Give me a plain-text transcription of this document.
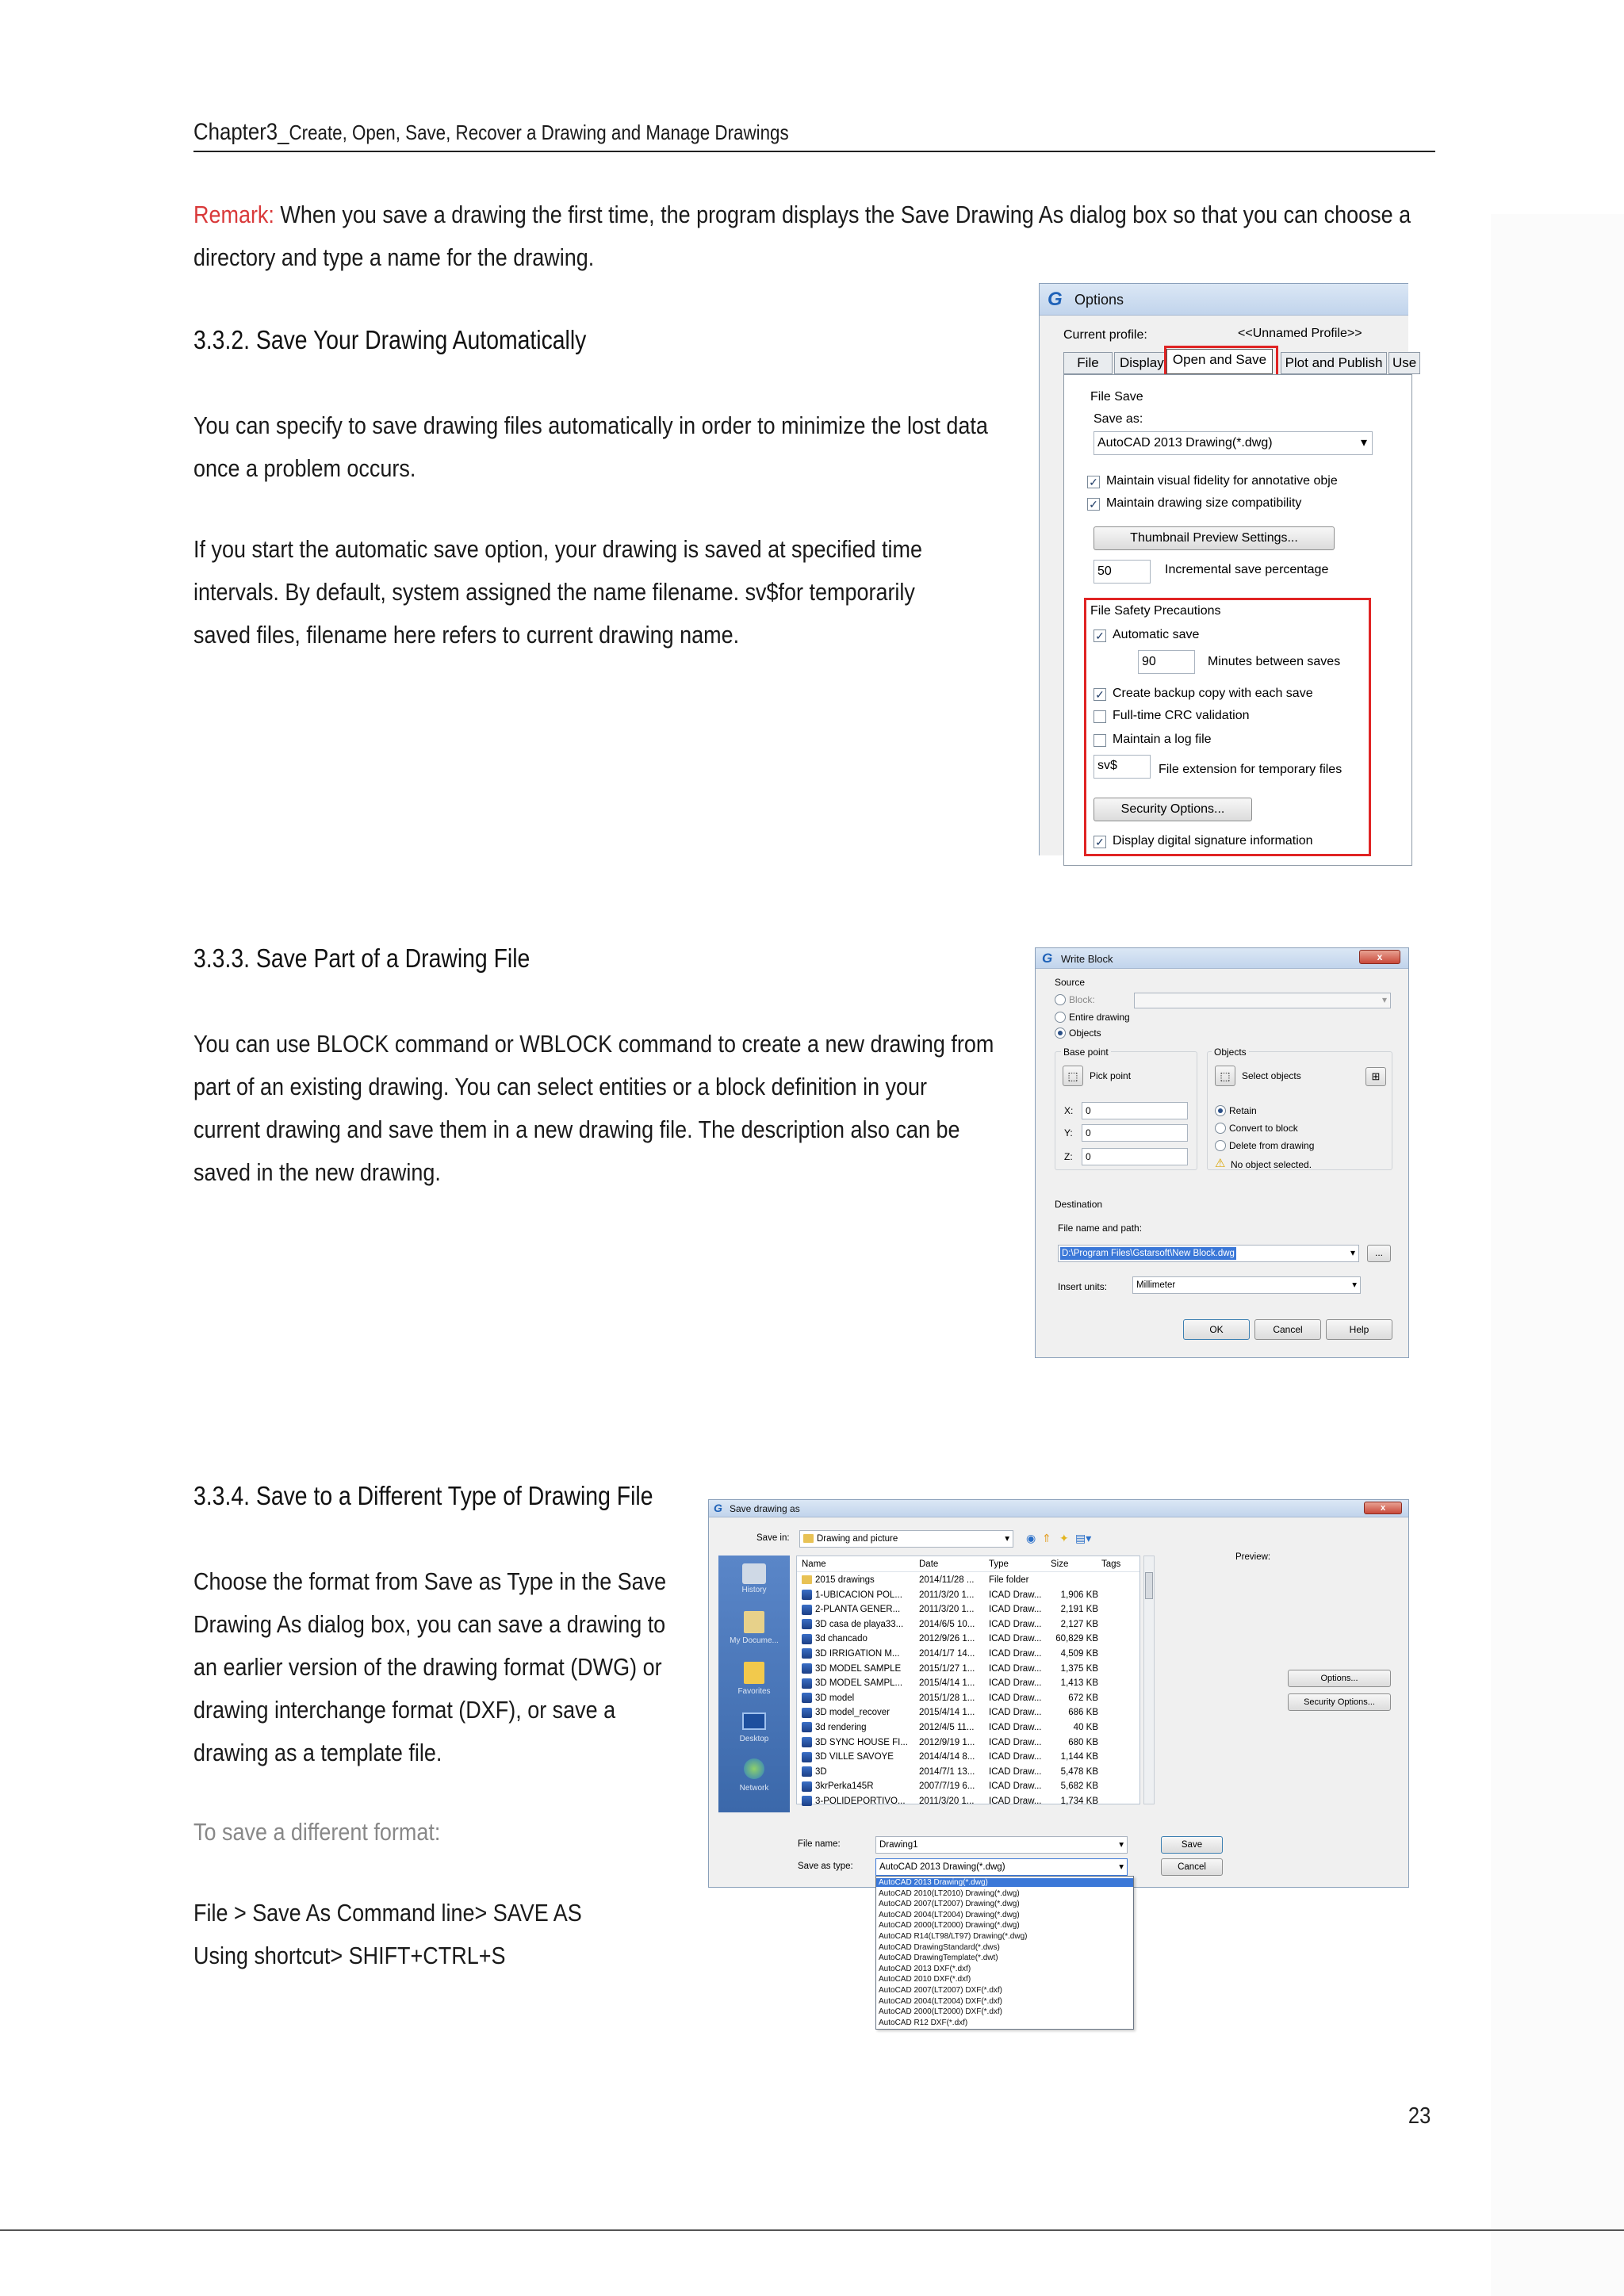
Chapter3_Create, Open, Save, Recover a Drawing and Manage Drawings
Remark: When you save a drawing the first time, the program displays the Save Drawing As dialog box so that you can choose a
directory and type a name for the drawing.
3.3.2. Save Your Drawing Automatically
You can specify to save drawing files automatically in order to minimize the lost data
once a problem occurs.
If you start the automatic save option, your drawing is saved at specified time
intervals. By default, system assigned the name filename. sv$for temporarily
saved files, filename here refers to current drawing name.
G Options
Current profile:	<<Unnamed Profile>>
File	Display Open and Save	Plot and Publish Use
File Save
Save as:
AutoCAD 2013 Drawing(*.dwg)	▾
✓ Maintain visual fidelity for annotative obje
✓ Maintain drawing size compatibility
Thumbnail Preview Settings...
50	Incremental save percentage
File Safety Precautions
✓ Automatic save
90	Minutes between saves
✓ Create backup copy with each save
Full-time CRC validation
Maintain a log file
sv$	File extension for temporary files
Security Options...
✓ Display digital signature information
3.3.3. Save Part of a Drawing File
You can use BLOCK command or WBLOCK command to create a new drawing from
part of an existing drawing. You can select entities or a block definition in your
current drawing and save them in a new drawing file. The description also can be
saved in the new drawing.
G Write Block	x
Source
Block:	▾
Entire drawing
Objects
Base point
⬚	Pick point
X:	0
Y:	0
Z:	0
Objects
⬚	Select objects	⊞
Retain
Convert to block
Delete from drawing
⚠ No object selected.
Destination
File name and path:
D:\Program Files\Gstarsoft\New Block.dwg	▾	...
Insert units:	Millimeter	▾
OK	Cancel	Help
3.3.4. Save to a Different Type of Drawing File
Choose the format from Save as Type in the Save
Drawing As dialog box, you can save a drawing to
an earlier version of the drawing format (DWG) or
drawing interchange format (DXF), or save a
drawing as a template file.
To save a different format:
File > Save As Command line> SAVE AS
Using shortcut> SHIFT+CTRL+S
G Save drawing as	x
Save in:	Drawing and picture	▾ ◉ ⇑ ✦ ▤▾
History
My Docume...
Favorites
Desktop
Network
Name	Date	Type	Size	Tags
2015 drawings	2014/11/28 ... File folder
1-UBICACION POL...	2011/3/20 1... ICAD Draw...	1,906 KB
2-PLANTA GENER...	2011/3/20 1... ICAD Draw...	2,191 KB
3D casa de playa33...	2014/6/5 10... ICAD Draw...	2,127 KB
3d chancado	2012/9/26 1... ICAD Draw...	60,829 KB
3D IRRIGATION M...	2014/1/7 14... ICAD Draw...	4,509 KB
3D MODEL SAMPLE	2015/1/27 1... ICAD Draw...	1,375 KB
3D MODEL SAMPL...	2015/4/14 1... ICAD Draw...	1,413 KB
3D model	2015/1/28 1... ICAD Draw...	672 KB
3D model_recover	2015/4/14 1... ICAD Draw...	686 KB
3d rendering	2012/4/5 11... ICAD Draw...	40 KB
3D SYNC HOUSE FI...	2012/9/19 1... ICAD Draw...	680 KB
3D VILLE SAVOYE	2014/4/14 8... ICAD Draw...	1,144 KB
3D	2014/7/1 13... ICAD Draw...	5,478 KB
3krPerka145R	2007/7/19 6... ICAD Draw...	5,682 KB
3-POLIDEPORTIVO...	2011/3/20 1... ICAD Draw...	1,734 KB
Preview:
Options...
Security Options...
File name:	Drawing1	▾
Save as type:	AutoCAD 2013 Drawing(*.dwg)	▾
Save
Cancel
AutoCAD 2013 Drawing(*.dwg)
AutoCAD 2010(LT2010) Drawing(*.dwg)
AutoCAD 2007(LT2007) Drawing(*.dwg)
AutoCAD 2004(LT2004) Drawing(*.dwg)
AutoCAD 2000(LT2000) Drawing(*.dwg)
AutoCAD R14(LT98/LT97) Drawing(*.dwg)
AutoCAD DrawingStandard(*.dws)
AutoCAD DrawingTemplate(*.dwt)
AutoCAD 2013 DXF(*.dxf)
AutoCAD 2010 DXF(*.dxf)
AutoCAD 2007(LT2007) DXF(*.dxf)
AutoCAD 2004(LT2004) DXF(*.dxf)
AutoCAD 2000(LT2000) DXF(*.dxf)
AutoCAD R12 DXF(*.dxf)
23
